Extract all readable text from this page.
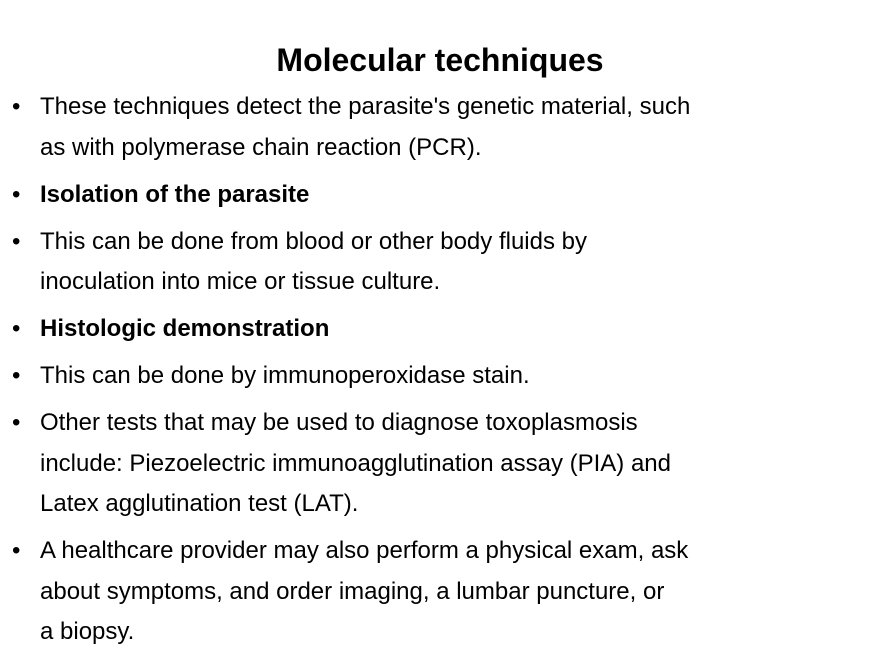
Molecular techniques
• These techniques detect the parasite's genetic material, such
as with polymerase chain reaction (PCR).
• Isolation of the parasite
• This can be done from blood or other body fluids by
inoculation into mice or tissue culture.
• Histologic demonstration
• This can be done by immunoperoxidase stain.
• Other tests that may be used to diagnose toxoplasmosis
include: Piezoelectric immunoagglutination assay (PIA) and
Latex agglutination test (LAT).
• A healthcare provider may also perform a physical exam, ask
about symptoms, and order imaging, a lumbar puncture, or
a biopsy.
